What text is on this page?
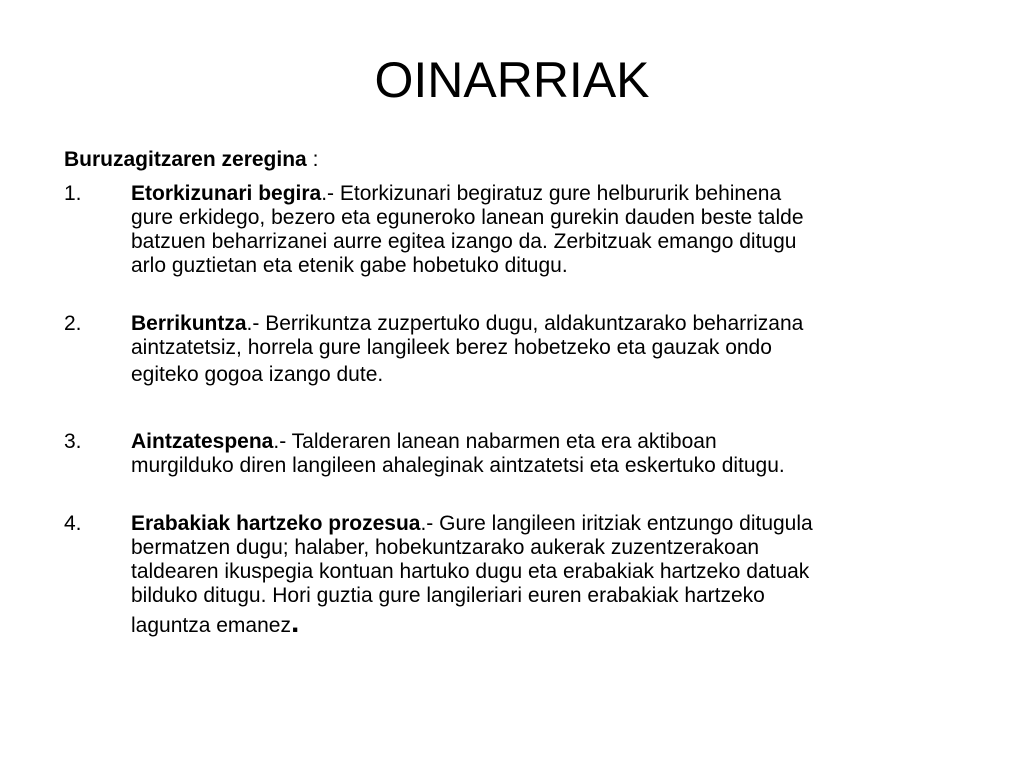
OINARRIAK

Buruzagitzaren zeregina :

1. Etorkizunari begira.- Etorkizunari begiratuz gure helbururik behinena

gure erkidego, bezero eta eguneroko lanean gurekin dauden beste talde

batzuen beharrizanei aurre egitea izango da. Zerbitzuak emango ditugu

arlo guztietan eta etenik gabe hobetuko ditugu.

2. Berrikuntza.- Berrikuntza zuzpertuko dugu, aldakuntzarako beharrizana

aintzatetsiz, horrela gure langileek berez hobetzeko eta gauzak ondo

egiteko gogoa izango dute.

3. Aintzatespena.- Talderaren lanean nabarmen eta era aktiboan

murgilduko diren langileen ahaleginak aintzatetsi eta eskertuko ditugu.

4. Erabakiak hartzeko prozesua.- Gure langileen iritziak entzungo ditugula

bermatzen dugu; halaber, hobekuntzarako aukerak zuzentzerakoan

taldearen ikuspegia kontuan hartuko dugu eta erabakiak hartzeko datuak

bilduko ditugu. Hori guztia gure langileriari euren erabakiak hartzeko

laguntza emanez.
